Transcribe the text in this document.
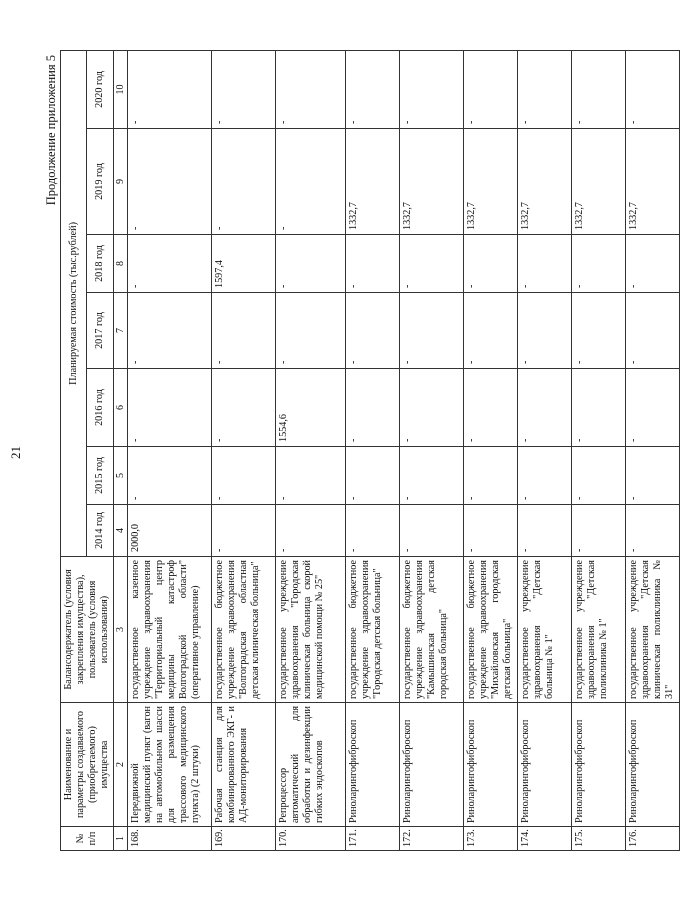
21
Продолжение приложения 5
№ п/п	Наименование и параметры создаваемого (приобретаемого) имущества	Балансодержатель (условия закрепления имущества), пользователь (условия использования)	Планируемая стоимость (тыс.рублей)						
			2014 год	2015 год	2016 год	2017 год	2018 год	2019 год	2020 год
1	2	3	4	5	6	7	8	9	10
168.	Передвижной медицинский пункт (вагон на автомобильном шасси для размещения трассового медицинского пункта) (2 штуки)	государственное казенное учреждение здравоохранения "Территориальный центр медицины катастроф Волгоградской области" (оперативное управление)	2000,0	-	-	-	-	-	-
169.	Рабочая станция для комбинированного ЭКГ- и АД-мониторирования	государственное бюджетное учреждение здравоохранения "Волгоградская областная детская клиническая больница"	-	-	-	-	1597,4	-	-
170.	Репроцессор автоматический для обработки и дезинфекции гибких эндоскопов	государственное учреждение здравоохранения "Городская клиническая больница скорой медицинской помощи № 25"	-	-	1554,6	-	-	-	-
171.	Риноларингофиброскоп	государственное бюджетное учреждение здравоохранения "Городская детская больница"	-	-	-	-	-	1332,7	-
172.	Риноларингофиброскоп	государственное бюджетное учреждение здравоохранения "Камышинская детская городская больница"	-	-	-	-	-	1332,7	-
173.	Риноларингофиброскоп	государственное бюджетное учреждение здравоохранения "Михайловская городская детская больница"	-	-	-	-	-	1332,7	-
174.	Риноларингофиброскоп	государственное учреждение здравоохранения "Детская больница № 1"	-	-	-	-	-	1332,7	-
175.	Риноларингофиброскоп	государственное учреждение здравоохранения "Детская поликлиника № 1"	-	-	-	-	-	1332,7	-
176.	Риноларингофиброскоп	государственное учреждение здравоохранения "Детская клиническая поликлиника № 31"	-	-	-	-	-	1332,7	-
